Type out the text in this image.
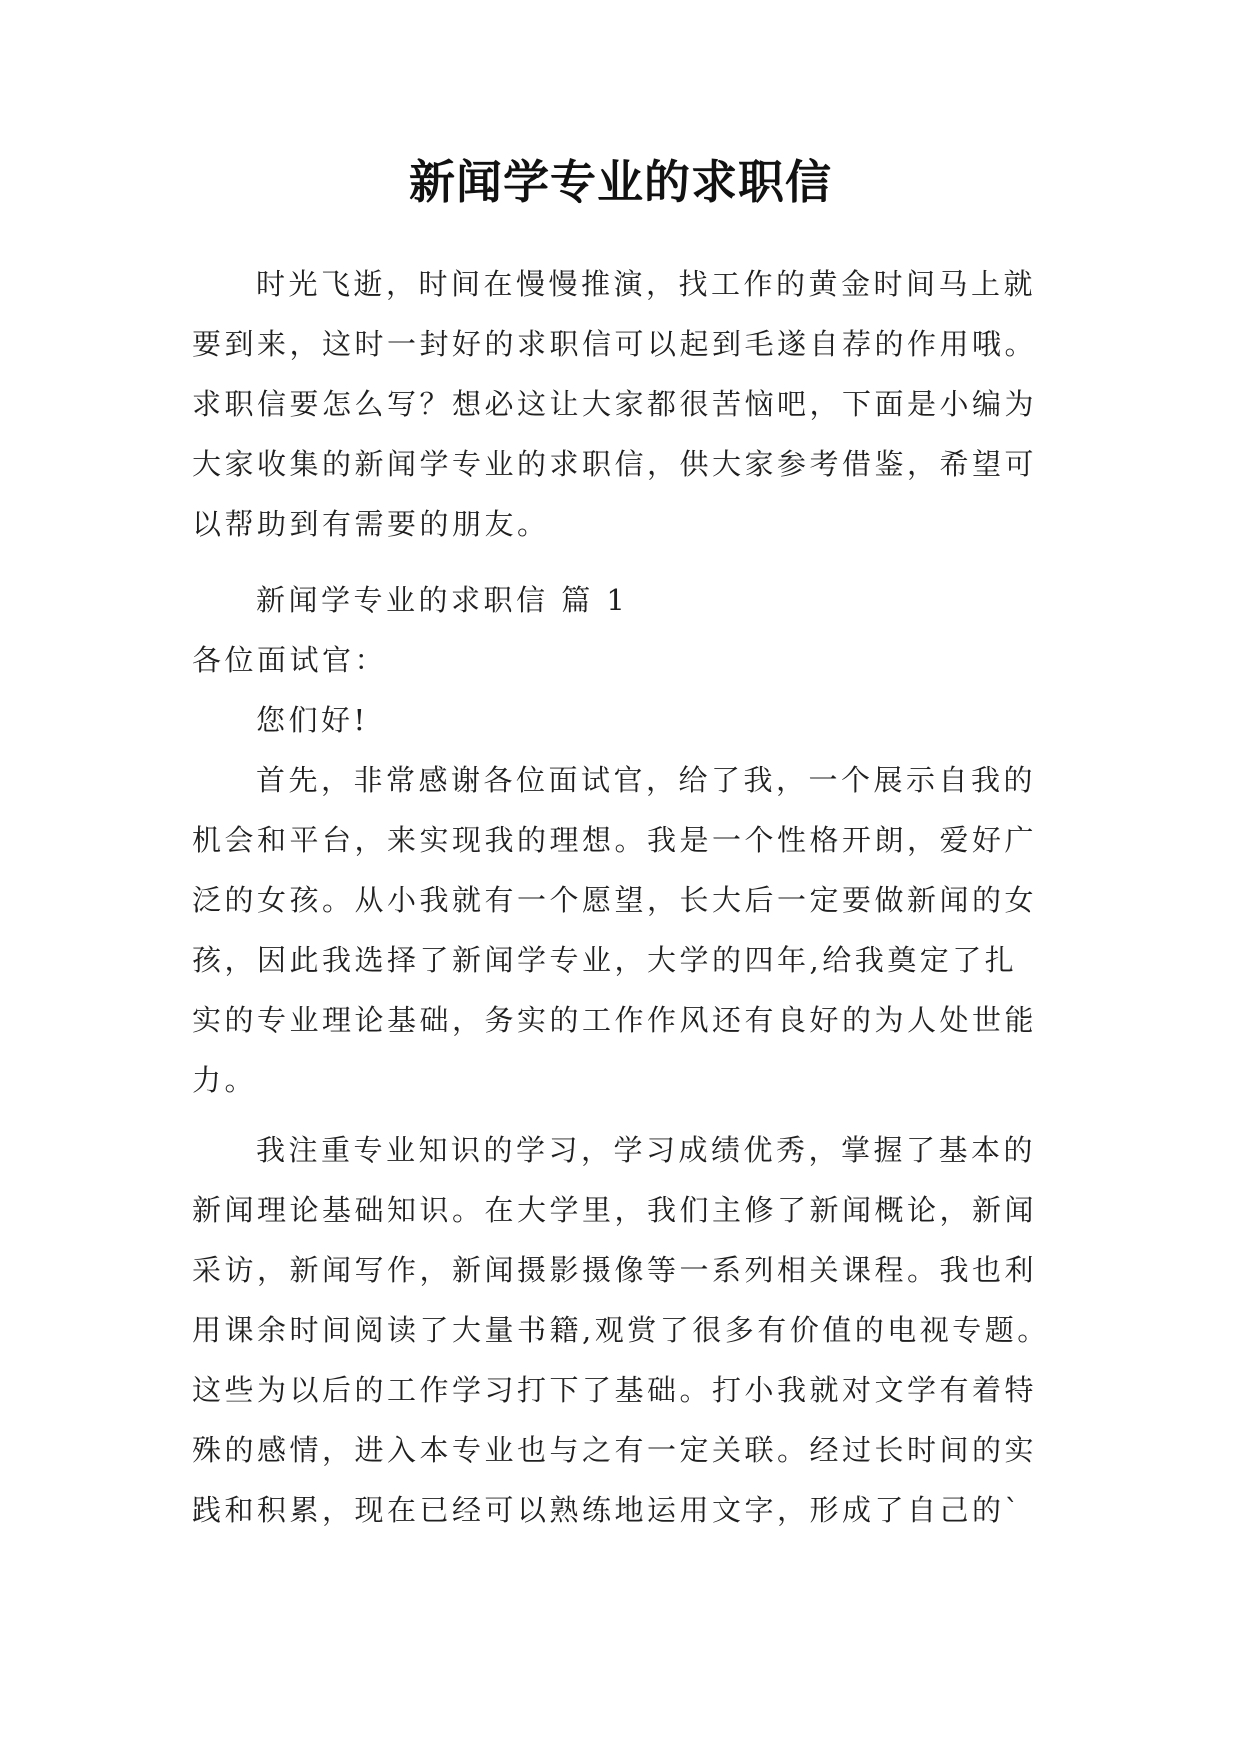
新闻学专业的求职信
时光飞逝，时间在慢慢推演，找工作的黄金时间马上就
要到来，这时一封好的求职信可以起到毛遂自荐的作用哦。
求职信要怎么写？想必这让大家都很苦恼吧，下面是小编为
大家收集的新闻学专业的求职信，供大家参考借鉴，希望可
以帮助到有需要的朋友。
新闻学专业的求职信 篇 1
各位面试官：
您们好!
首先，非常感谢各位面试官，给了我，一个展示自我的
机会和平台，来实现我的理想。我是一个性格开朗，爱好广
泛的女孩。从小我就有一个愿望，长大后一定要做新闻的女
孩，因此我选择了新闻学专业，大学的四年,给我奠定了扎
实的专业理论基础，务实的工作作风还有良好的为人处世能
力。
我注重专业知识的学习，学习成绩优秀，掌握了基本的
新闻理论基础知识。在大学里，我们主修了新闻概论，新闻
采访，新闻写作，新闻摄影摄像等一系列相关课程。我也利
用课余时间阅读了大量书籍,观赏了很多有价值的电视专题。
这些为以后的工作学习打下了基础。打小我就对文学有着特
殊的感情，进入本专业也与之有一定关联。经过长时间的实
践和积累，现在已经可以熟练地运用文字，形成了自己的`
